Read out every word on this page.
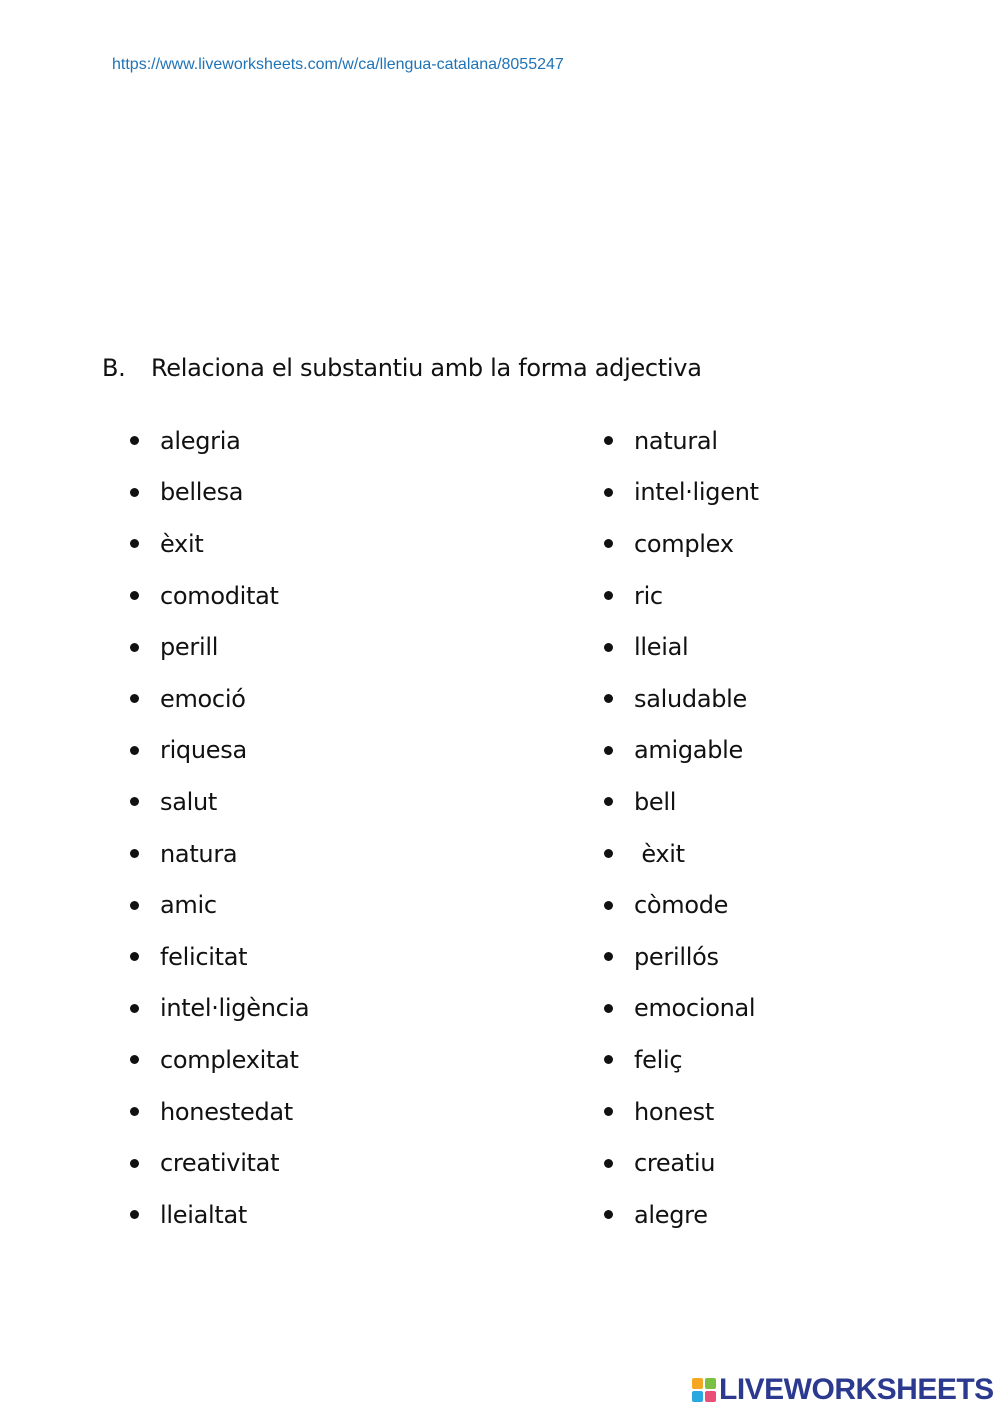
https://www.liveworksheets.com/w/ca/llengua-catalana/8055247
B. Relaciona el substantiu amb la forma adjectiva
alegria
bellesa
èxit
comoditat
perill
emoció
riquesa
salut
natura
amic
felicitat
intel·ligència
complexitat
honestedat
creativitat
lleialtat
natural
intel·ligent
complex
ric
lleial
saludable
amigable
bell
èxit
còmode
perillós
emocional
feliç
honest
creatiu
alegre
LIVEWORKSHEETS
